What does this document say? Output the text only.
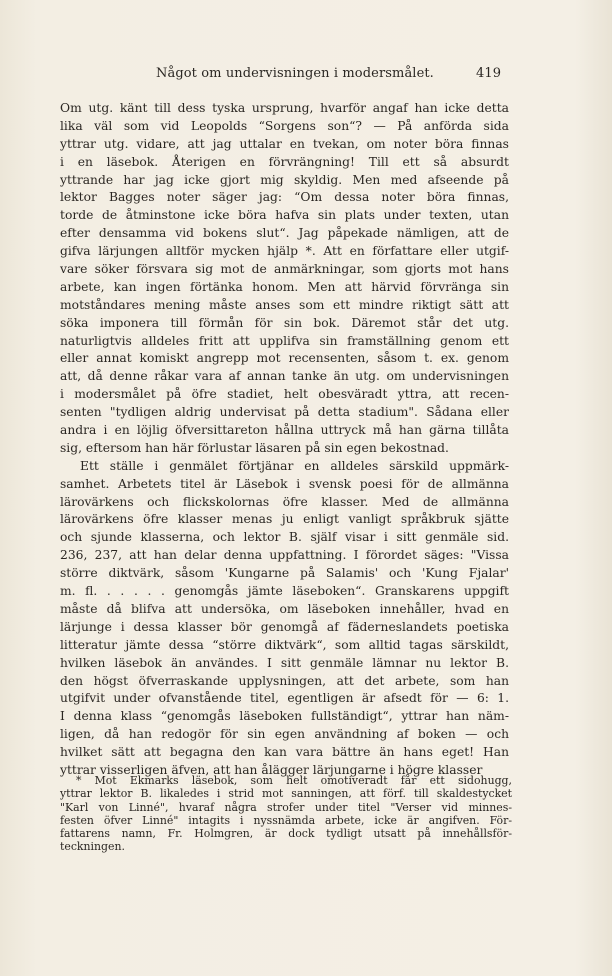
Något om undervisningen i modersmålet.	419
Om utg. känt till dess tyska ursprung, hvarför angaf han icke detta
lika väl som vid Leopolds “Sorgens son“? — På anförda sida
yttrar utg. vidare, att jag uttalar en tvekan, om noter böra finnas
i en läsebok. Återigen en förvrängning! Till ett så absurdt
yttrande har jag icke gjort mig skyldig. Men med afseende på
lektor Bagges noter säger jag: “Om dessa noter böra finnas,
torde de åtminstone icke böra hafva sin plats under texten, utan
efter densamma vid bokens slut“. Jag påpekade nämligen, att de
gifva lärjungen alltför mycken hjälp *. Att en författare eller utgif-
vare söker försvara sig mot de anmärkningar, som gjorts mot hans
arbete, kan ingen förtänka honom. Men att härvid förvränga sin
motståndares mening måste anses som ett mindre riktigt sätt att
söka imponera till förmån för sin bok. Däremot står det utg.
naturligtvis alldeles fritt att upplifva sin framställning genom ett
eller annat komiskt angrepp mot recensenten, såsom t. ex. genom
att, då denne råkar vara af annan tanke än utg. om undervisningen
i modersmålet på öfre stadiet, helt obesväradt yttra, att recen-
senten "tydligen aldrig undervisat på detta stadium". Sådana eller
andra i en löjlig öfversittareton hållna uttryck må han gärna tillåta
sig, eftersom han här förlustar läsaren på sin egen bekostnad.
Ett ställe i genmälet förtjänar en alldeles särskild uppmärk-
samhet. Arbetets titel är Läsebok i svensk poesi för de allmänna
lärovärkens och flickskolornas öfre klasser. Med de allmänna
lärovärkens öfre klasser menas ju enligt vanligt språkbruk sjätte
och sjunde klasserna, och lektor B. själf visar i sitt genmäle sid.
236, 237, att han delar denna uppfattning. I förordet säges: "Vissa
större diktvärk, såsom 'Kungarne på Salamis' och 'Kung Fjalar'
m. fl. . . . . . genomgås jämte läseboken“. Granskarens uppgift
måste då blifva att undersöka, om läseboken innehåller, hvad en
lärjunge i dessa klasser bör genomgå af fäderneslandets poetiska
litteratur jämte dessa “större diktvärk“, som alltid tagas särskildt,
hvilken läsebok än användes. I sitt genmäle lämnar nu lektor B.
den högst öfverraskande upplysningen, att det arbete, som han
utgifvit under ofvanstående titel, egentligen är afsedt för — 6: 1.
I denna klass “genomgås läseboken fullständigt“, yttrar han näm-
ligen, då han redogör för sin egen användning af boken — och
hvilket sätt att begagna den kan vara bättre än hans eget! Han
yttrar visserligen äfven, att han ålägger lärjungarne i högre klasser
* Mot Ekmarks läsebok, som helt omotiveradt får ett sidohugg,
yttrar lektor B. likaledes i strid mot sanningen, att förf. till skaldestycket
"Karl von Linné", hvaraf några strofer under titel "Verser vid minnes-
festen öfver Linné" intagits i nyssnämda arbete, icke är angifven. För-
fattarens namn, Fr. Holmgren, är dock tydligt utsatt på innehållsför-
teckningen.
